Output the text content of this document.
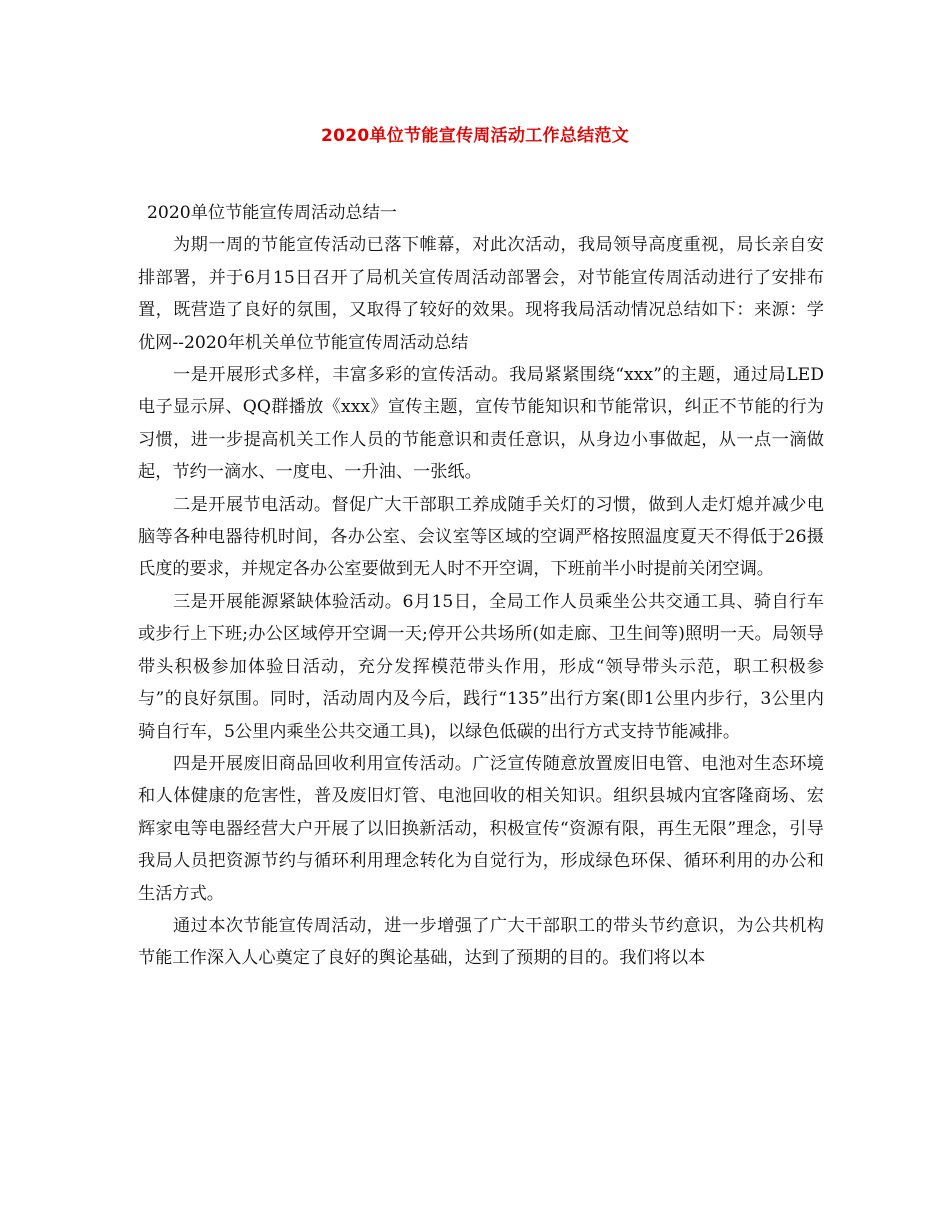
2020单位节能宣传周活动工作总结范文

2020单位节能宣传周活动总结一

为期一周的节能宣传活动已落下帷幕，对此次活动，我局领导高度重视，局长亲自安排部署，并于6月15日召开了局机关宣传周活动部署会，对节能宣传周活动进行了安排布置，既营造了良好的氛围，又取得了较好的效果。现将我局活动情况总结如下：来源：学优网--2020年机关单位节能宣传周活动总结

一是开展形式多样，丰富多彩的宣传活动。我局紧紧围绕“xxx”的主题，通过局LED电子显示屏、QQ群播放《xxx》宣传主题，宣传节能知识和节能常识，纠正不节能的行为习惯，进一步提高机关工作人员的节能意识和责任意识，从身边小事做起，从一点一滴做起，节约一滴水、一度电、一升油、一张纸。

二是开展节电活动。督促广大干部职工养成随手关灯的习惯，做到人走灯熄并减少电脑等各种电器待机时间，各办公室、会议室等区域的空调严格按照温度夏天不得低于26摄氏度的要求，并规定各办公室要做到无人时不开空调，下班前半小时提前关闭空调。

三是开展能源紧缺体验活动。6月15日，全局工作人员乘坐公共交通工具、骑自行车或步行上下班;办公区域停开空调一天;停开公共场所(如走廊、卫生间等)照明一天。局领导带头积极参加体验日活动，充分发挥模范带头作用，形成“领导带头示范，职工积极参与”的良好氛围。同时，活动周内及今后，践行“135”出行方案(即1公里内步行，3公里内骑自行车，5公里内乘坐公共交通工具)，以绿色低碳的出行方式支持节能减排。

四是开展废旧商品回收利用宣传活动。广泛宣传随意放置废旧电管、电池对生态环境和人体健康的危害性，普及废旧灯管、电池回收的相关知识。组织县城内宜客隆商场、宏辉家电等电器经营大户开展了以旧换新活动，积极宣传“资源有限，再生无限”理念，引导我局人员把资源节约与循环利用理念转化为自觉行为，形成绿色环保、循环利用的办公和生活方式。

通过本次节能宣传周活动，进一步增强了广大干部职工的带头节约意识，为公共机构节能工作深入人心奠定了良好的舆论基础，达到了预期的目的。我们将以本
